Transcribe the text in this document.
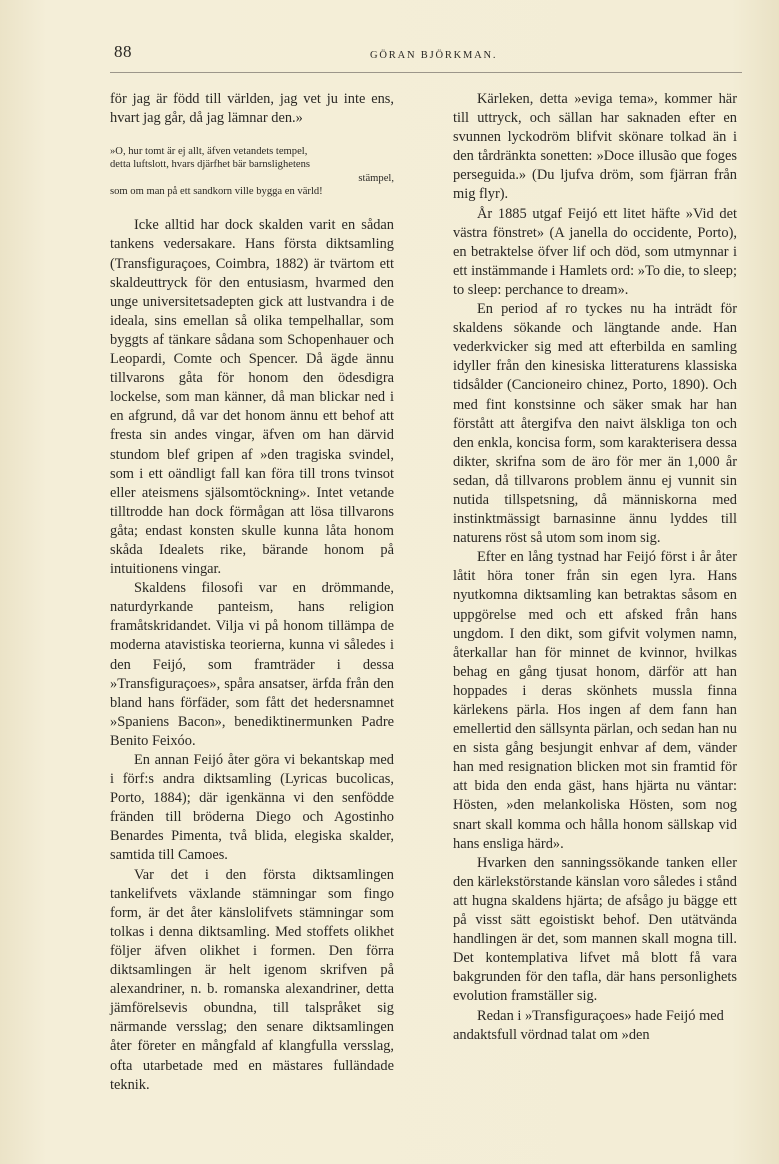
88	GÖRAN BJÖRKMAN.

för jag är född till världen, jag vet ju inte ens, hvart jag går, då jag lämnar den.»

»O, hur tomt är ej allt, äfven vetandets tempel,
detta luftslott, hvars djärfhet bär barnslighetens
stämpel,
som om man på ett sandkorn ville bygga en värld!

Icke alltid har dock skalden varit en sådan tankens vedersakare. Hans första diktsamling (Transfiguraçoes, Coimbra, 1882) är tvärtom ett skaldeuttryck för den entusiasm, hvarmed den unge universitetsadepten gick att lustvandra i de ideala, sins emellan så olika tempelhallar, som byggts af tänkare sådana som Schopenhauer och Leopardi, Comte och Spencer. Då ägde ännu tillvarons gåta för honom den ödesdigra lockelse, som man känner, då man blickar ned i en afgrund, då var det honom ännu ett behof att fresta sin andes vingar, äfven om han därvid stundom blef gripen af »den tragiska svindel, som i ett oändligt fall kan föra till trons tvinsot eller ateismens själsomtöckning». Intet vetande tilltrodde han dock förmågan att lösa tillvarons gåta; endast konsten skulle kunna låta honom skåda Idealets rike, bärande honom på intuitionens vingar.

Skaldens filosofi var en drömmande, naturdyrkande panteism, hans religion framåtskridandet. Vilja vi på honom tillämpa de moderna atavistiska teorierna, kunna vi således i den Feijó, som framträder i dessa »Transfiguraçoes», spåra ansatser, ärfda från den bland hans förfäder, som fått det hedersnamnet »Spaniens Bacon», benediktinermunken Padre Benito Feixóo.

En annan Feijó åter göra vi bekantskap med i förf:s andra diktsamling (Lyricas bucolicas, Porto, 1884); där igenkänna vi den senfödde fränden till bröderna Diego och Agostinho Benardes Pimenta, två blida, elegiska skalder, samtida till Camoes.

Var det i den första diktsamlingen tankelifvets växlande stämningar som fingo form, är det åter känslolifvets stämningar som tolkas i denna diktsamling. Med stoffets olikhet följer äfven olikhet i formen. Den förra diktsamlingen är helt igenom skrifven på alexandriner, n. b. romanska alexandriner, detta jämförelsevis obundna, till talspråket sig närmande versslag; den senare diktsamlingen åter företer en mångfald af klangfulla versslag, ofta utarbetade med en mästares fulländade teknik.

Kärleken, detta »eviga tema», kommer här till uttryck, och sällan har saknaden efter en svunnen lyckodröm blifvit skönare tolkad än i den tårdränkta sonetten: »Doce illusão que foges perseguida.» (Du ljufva dröm, som fjärran från mig flyr).

År 1885 utgaf Feijó ett litet häfte »Vid det västra fönstret» (A janella do occidente, Porto), en betraktelse öfver lif och död, som utmynnar i ett instämmande i Hamlets ord: »To die, to sleep; to sleep: perchance to dream».

En period af ro tyckes nu ha inträdt för skaldens sökande och längtande ande. Han vederkvicker sig med att efterbilda en samling idyller från den kinesiska litteraturens klassiska tidsålder (Cancioneiro chinez, Porto, 1890). Och med fint konstsinne och säker smak har han förstått att återgifva den naivt älskliga ton och den enkla, koncisa form, som karakterisera dessa dikter, skrifna som de äro för mer än 1,000 år sedan, då tillvarons problem ännu ej vunnit sin nutida tillspetsning, då människorna med instinktmässigt barnasinne ännu lyddes till naturens röst så utom som inom sig.

Efter en lång tystnad har Feijó först i år åter låtit höra toner från sin egen lyra. Hans nyutkomna diktsamling kan betraktas såsom en uppgörelse med och ett afsked från hans ungdom. I den dikt, som gifvit volymen namn, återkallar han för minnet de kvinnor, hvilkas behag en gång tjusat honom, därför att han hoppades i deras skönhets mussla finna kärlekens pärla. Hos ingen af dem fann han emellertid den sällsynta pärlan, och sedan han nu en sista gång besjungit enhvar af dem, vänder han med resignation blicken mot sin framtid för att bida den enda gäst, hans hjärta nu väntar: Hösten, »den melankoliska Hösten, som nog snart skall komma och hålla honom sällskap vid hans ensliga härd».

Hvarken den sanningssökande tanken eller den kärlekstörstande känslan voro således i stånd att hugna skaldens hjärta; de afsågo ju bägge ett på visst sätt egoistiskt behof. Den utätvända handlingen är det, som mannen skall mogna till. Det kontemplativa lifvet må blott få vara bakgrunden för den tafla, där hans personlighets evolution framställer sig.

Redan i »Transfiguraçoes» hade Feijó med andaktsfull vördnad talat om »den
